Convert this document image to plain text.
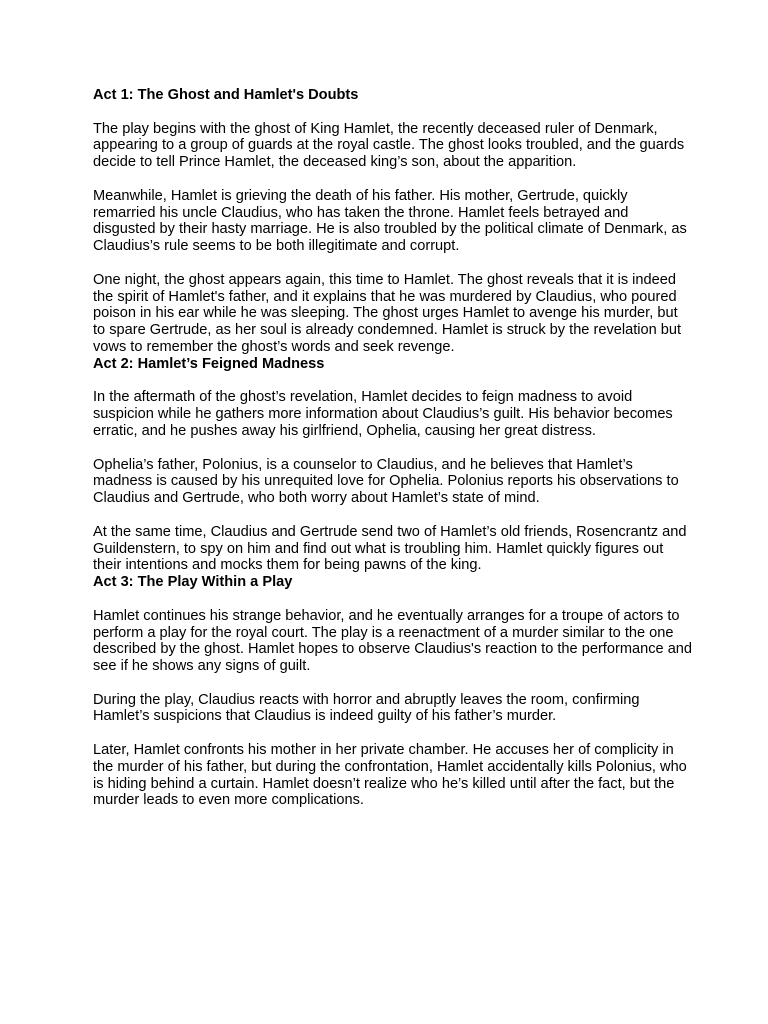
Act 1: The Ghost and Hamlet's Doubts

The play begins with the ghost of King Hamlet, the recently deceased ruler of Denmark, appearing to a group of guards at the royal castle. The ghost looks troubled, and the guards decide to tell Prince Hamlet, the deceased king’s son, about the apparition.

Meanwhile, Hamlet is grieving the death of his father. His mother, Gertrude, quickly remarried his uncle Claudius, who has taken the throne. Hamlet feels betrayed and disgusted by their hasty marriage. He is also troubled by the political climate of Denmark, as Claudius’s rule seems to be both illegitimate and corrupt.

One night, the ghost appears again, this time to Hamlet. The ghost reveals that it is indeed the spirit of Hamlet's father, and it explains that he was murdered by Claudius, who poured poison in his ear while he was sleeping. The ghost urges Hamlet to avenge his murder, but to spare Gertrude, as her soul is already condemned. Hamlet is struck by the revelation but vows to remember the ghost’s words and seek revenge.

Act 2: Hamlet’s Feigned Madness

In the aftermath of the ghost’s revelation, Hamlet decides to feign madness to avoid suspicion while he gathers more information about Claudius’s guilt. His behavior becomes erratic, and he pushes away his girlfriend, Ophelia, causing her great distress.

Ophelia’s father, Polonius, is a counselor to Claudius, and he believes that Hamlet’s madness is caused by his unrequited love for Ophelia. Polonius reports his observations to Claudius and Gertrude, who both worry about Hamlet’s state of mind.

At the same time, Claudius and Gertrude send two of Hamlet’s old friends, Rosencrantz and Guildenstern, to spy on him and find out what is troubling him. Hamlet quickly figures out their intentions and mocks them for being pawns of the king.

Act 3: The Play Within a Play

Hamlet continues his strange behavior, and he eventually arranges for a troupe of actors to perform a play for the royal court. The play is a reenactment of a murder similar to the one described by the ghost. Hamlet hopes to observe Claudius's reaction to the performance and see if he shows any signs of guilt.

During the play, Claudius reacts with horror and abruptly leaves the room, confirming Hamlet’s suspicions that Claudius is indeed guilty of his father’s murder.

Later, Hamlet confronts his mother in her private chamber. He accuses her of complicity in the murder of his father, but during the confrontation, Hamlet accidentally kills Polonius, who is hiding behind a curtain. Hamlet doesn’t realize who he’s killed until after the fact, but the murder leads to even more complications.
